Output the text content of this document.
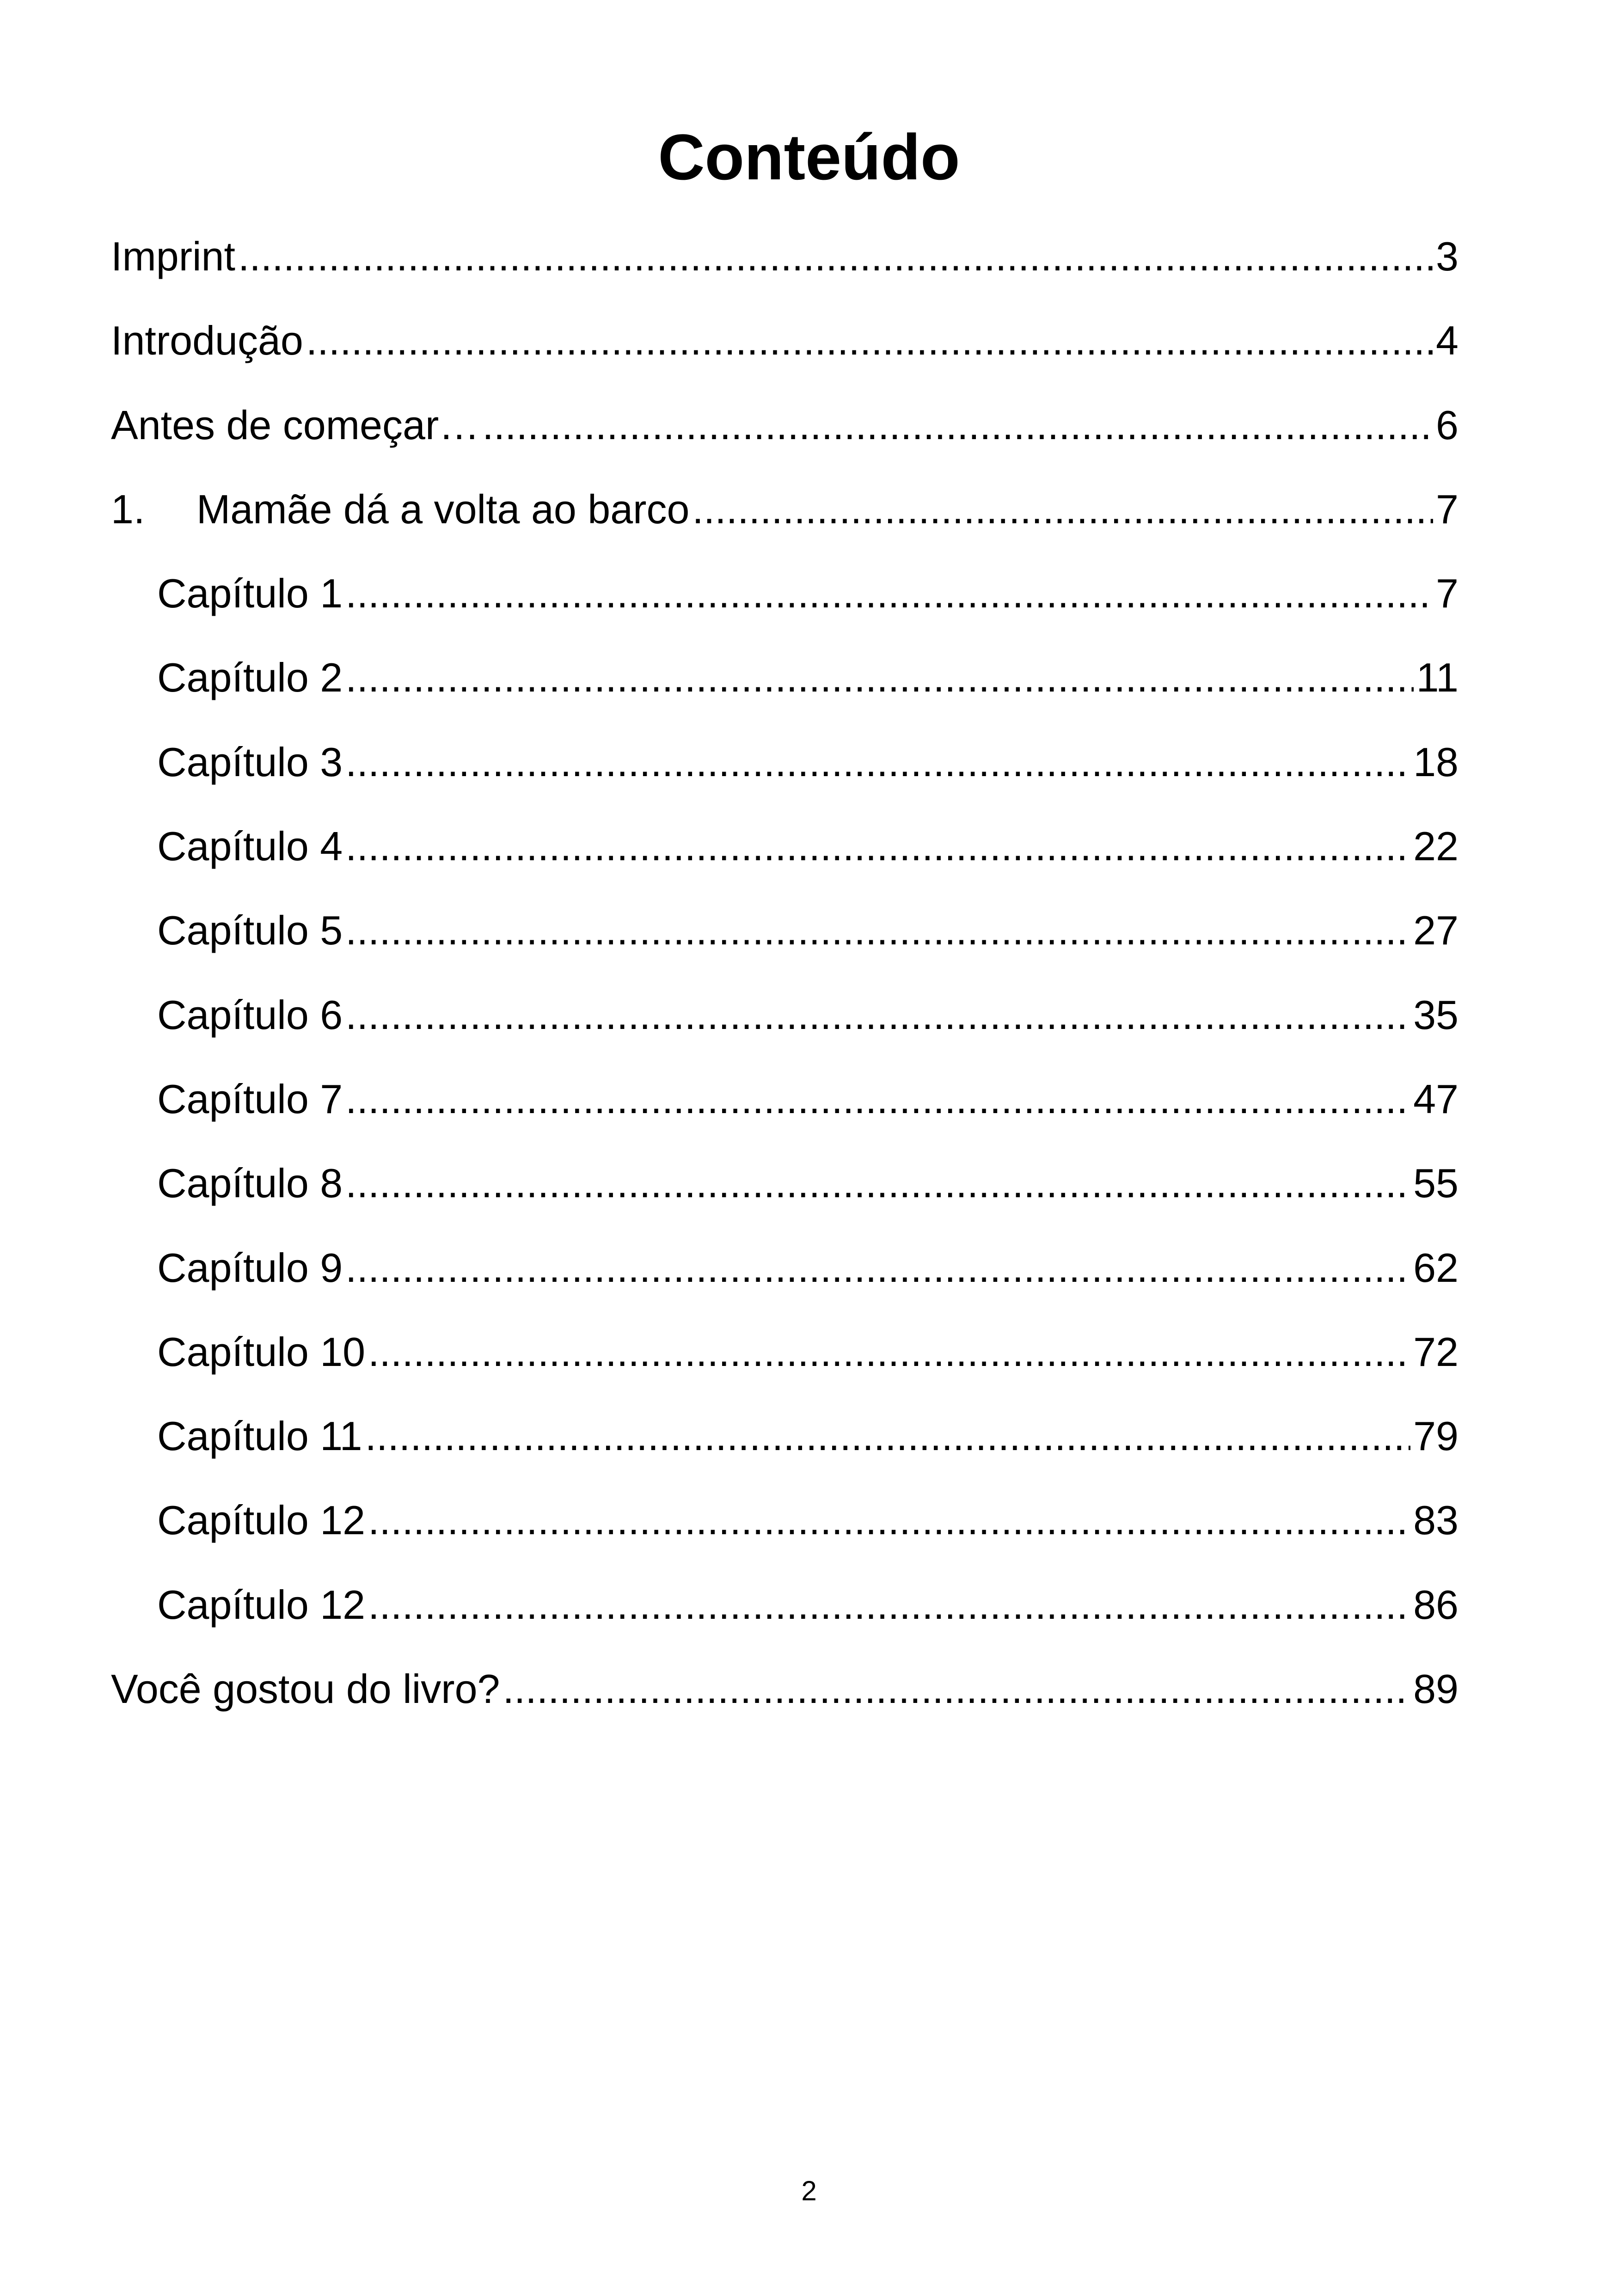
Conteúdo
Imprint .....	3
Introdução .....	4
Antes de começar… .....	6
1.	Mamãe dá a volta ao barco .....	7
Capítulo 1 .....	7
Capítulo 2 .....	11
Capítulo 3 .....	18
Capítulo 4 .....	22
Capítulo 5 .....	27
Capítulo 6 .....	35
Capítulo 7 .....	47
Capítulo 8 .....	55
Capítulo 9 .....	62
Capítulo 10 .....	72
Capítulo 11 .....	79
Capítulo 12 .....	83
Capítulo 12 .....	86
Você gostou do livro? .....	89
2
